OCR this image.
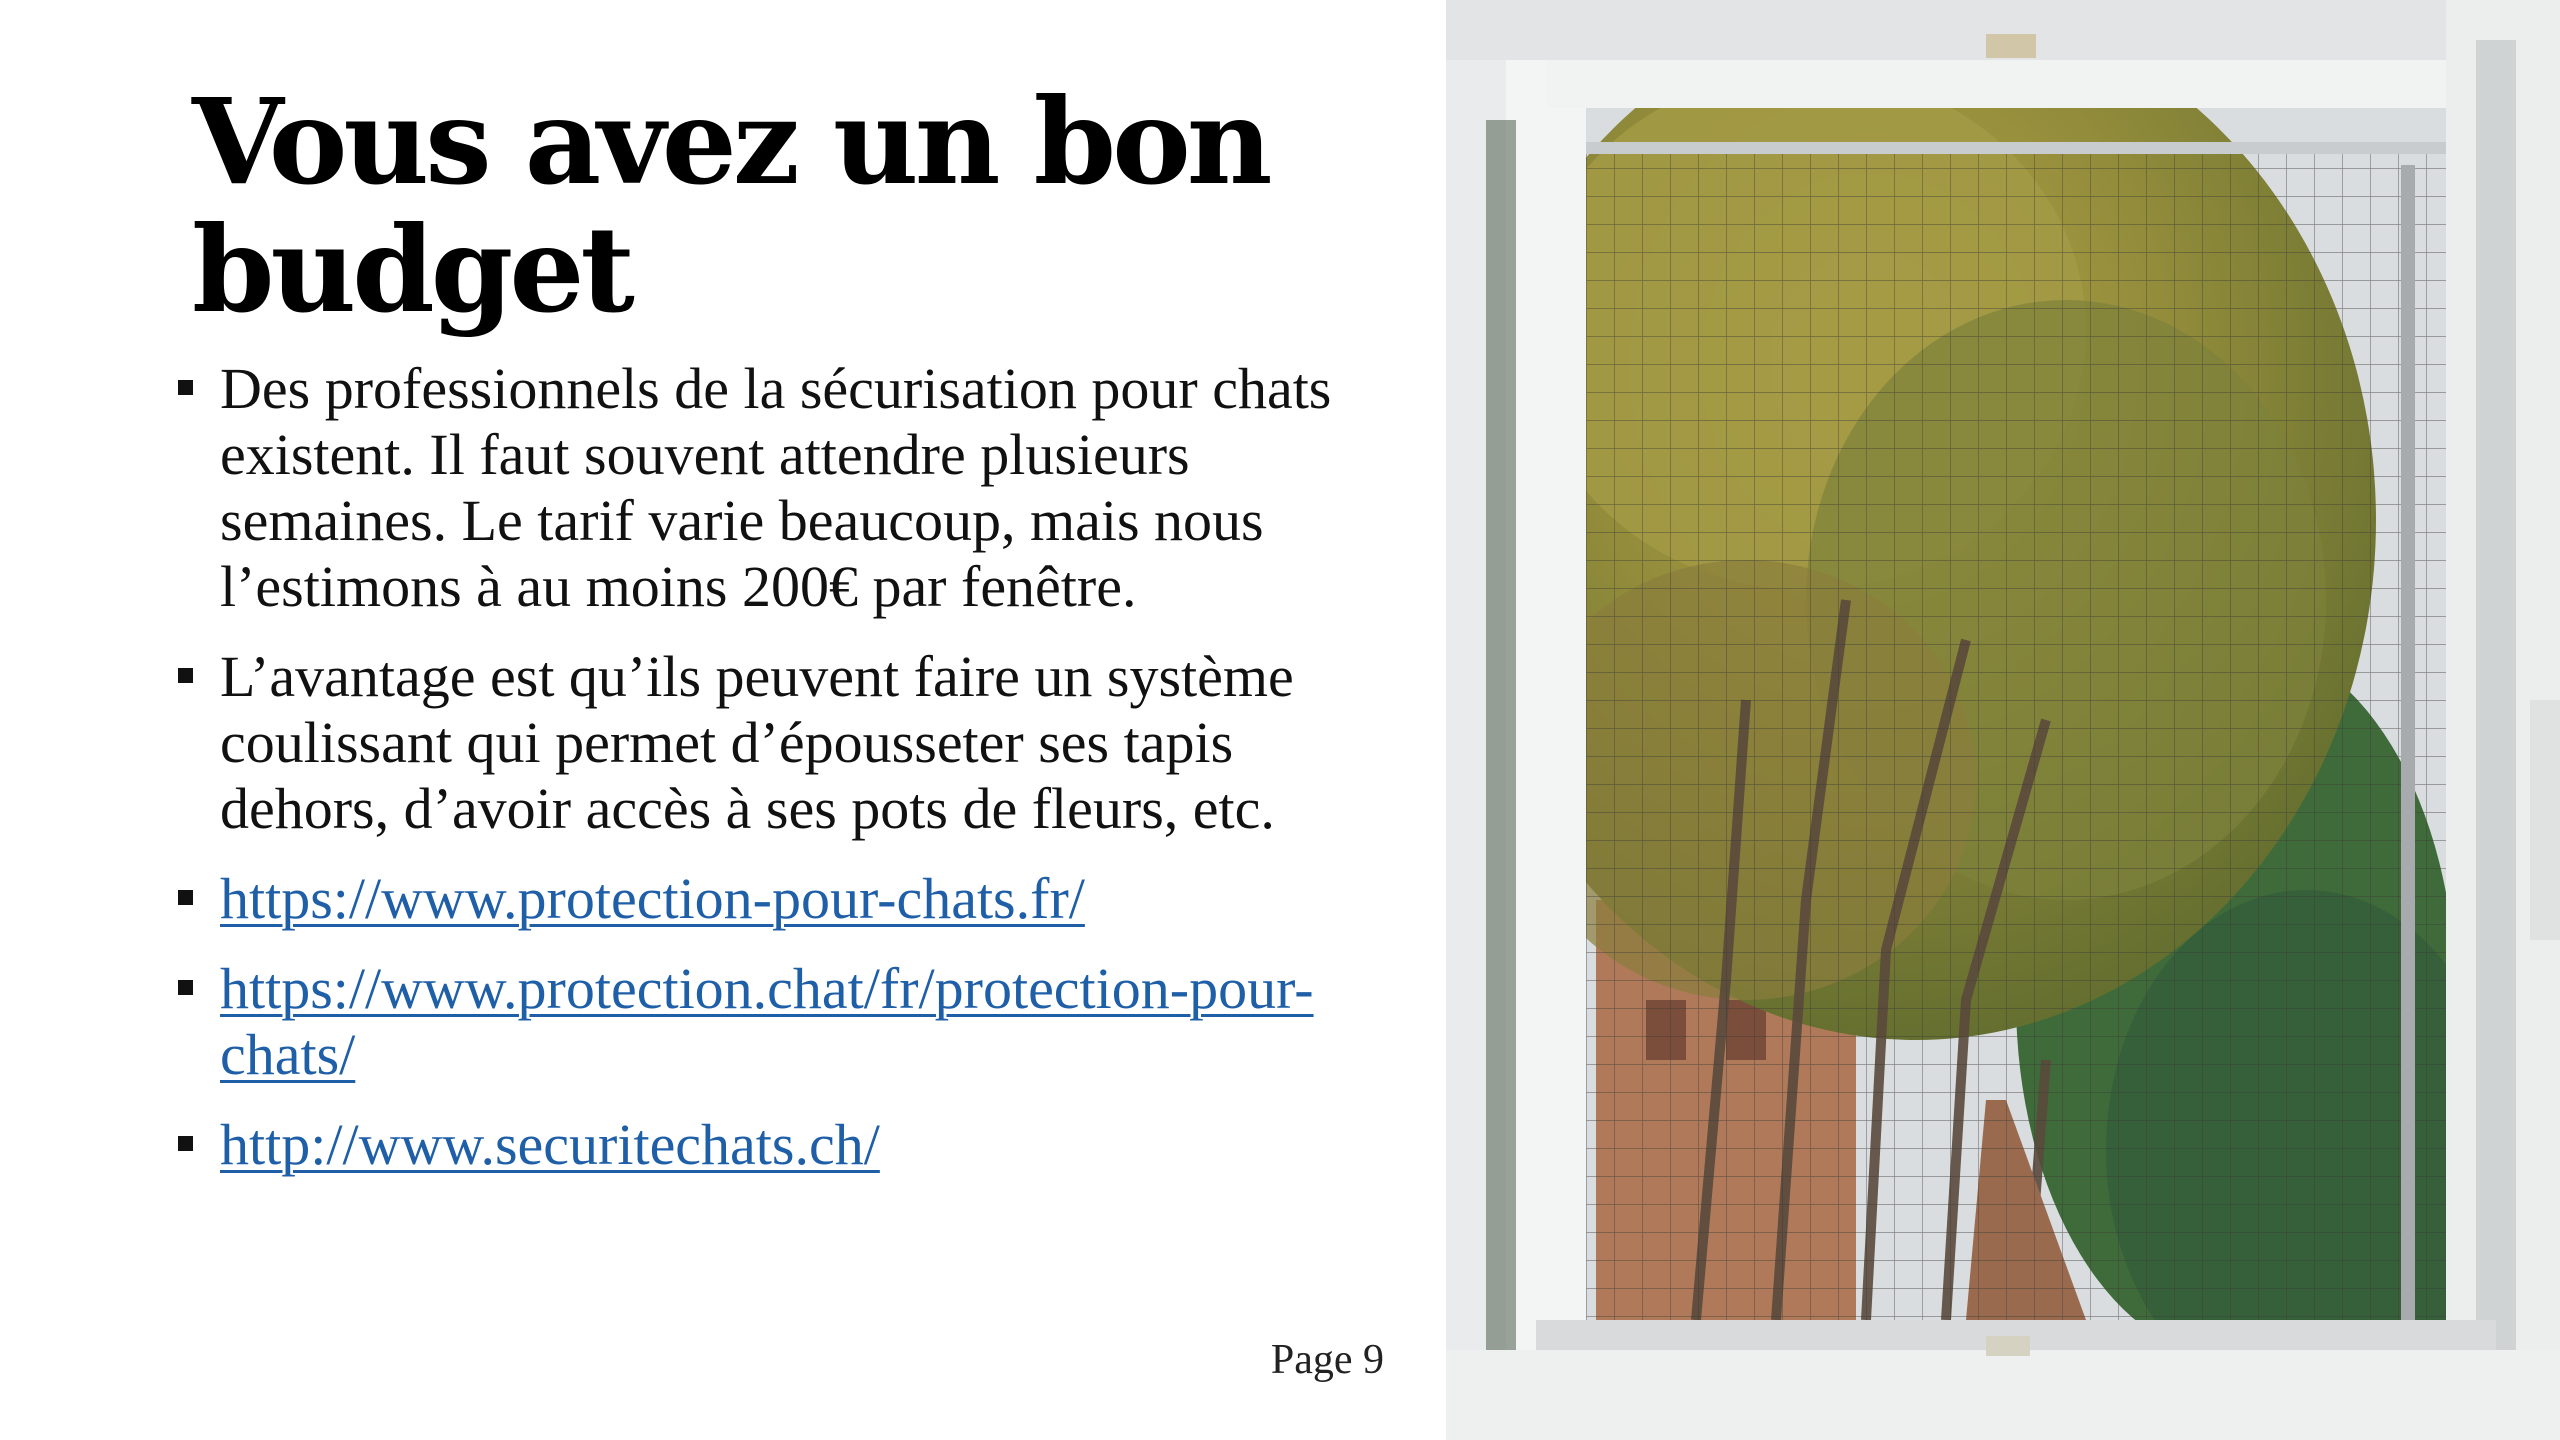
Vous avez un bon budget
Des professionnels de la sécurisation pour chats existent. Il faut souvent attendre plusieurs semaines. Le tarif varie beaucoup, mais nous l’estimons à au moins 200€ par fenêtre.
L’avantage est qu’ils peuvent faire un système coulissant qui permet d’épousseter ses tapis dehors, d’avoir accès à ses pots de fleurs, etc.
https://www.protection-pour-chats.fr/
https://www.protection.chat/fr/protection-pour-chats/
http://www.securitechats.ch/
Page 9
